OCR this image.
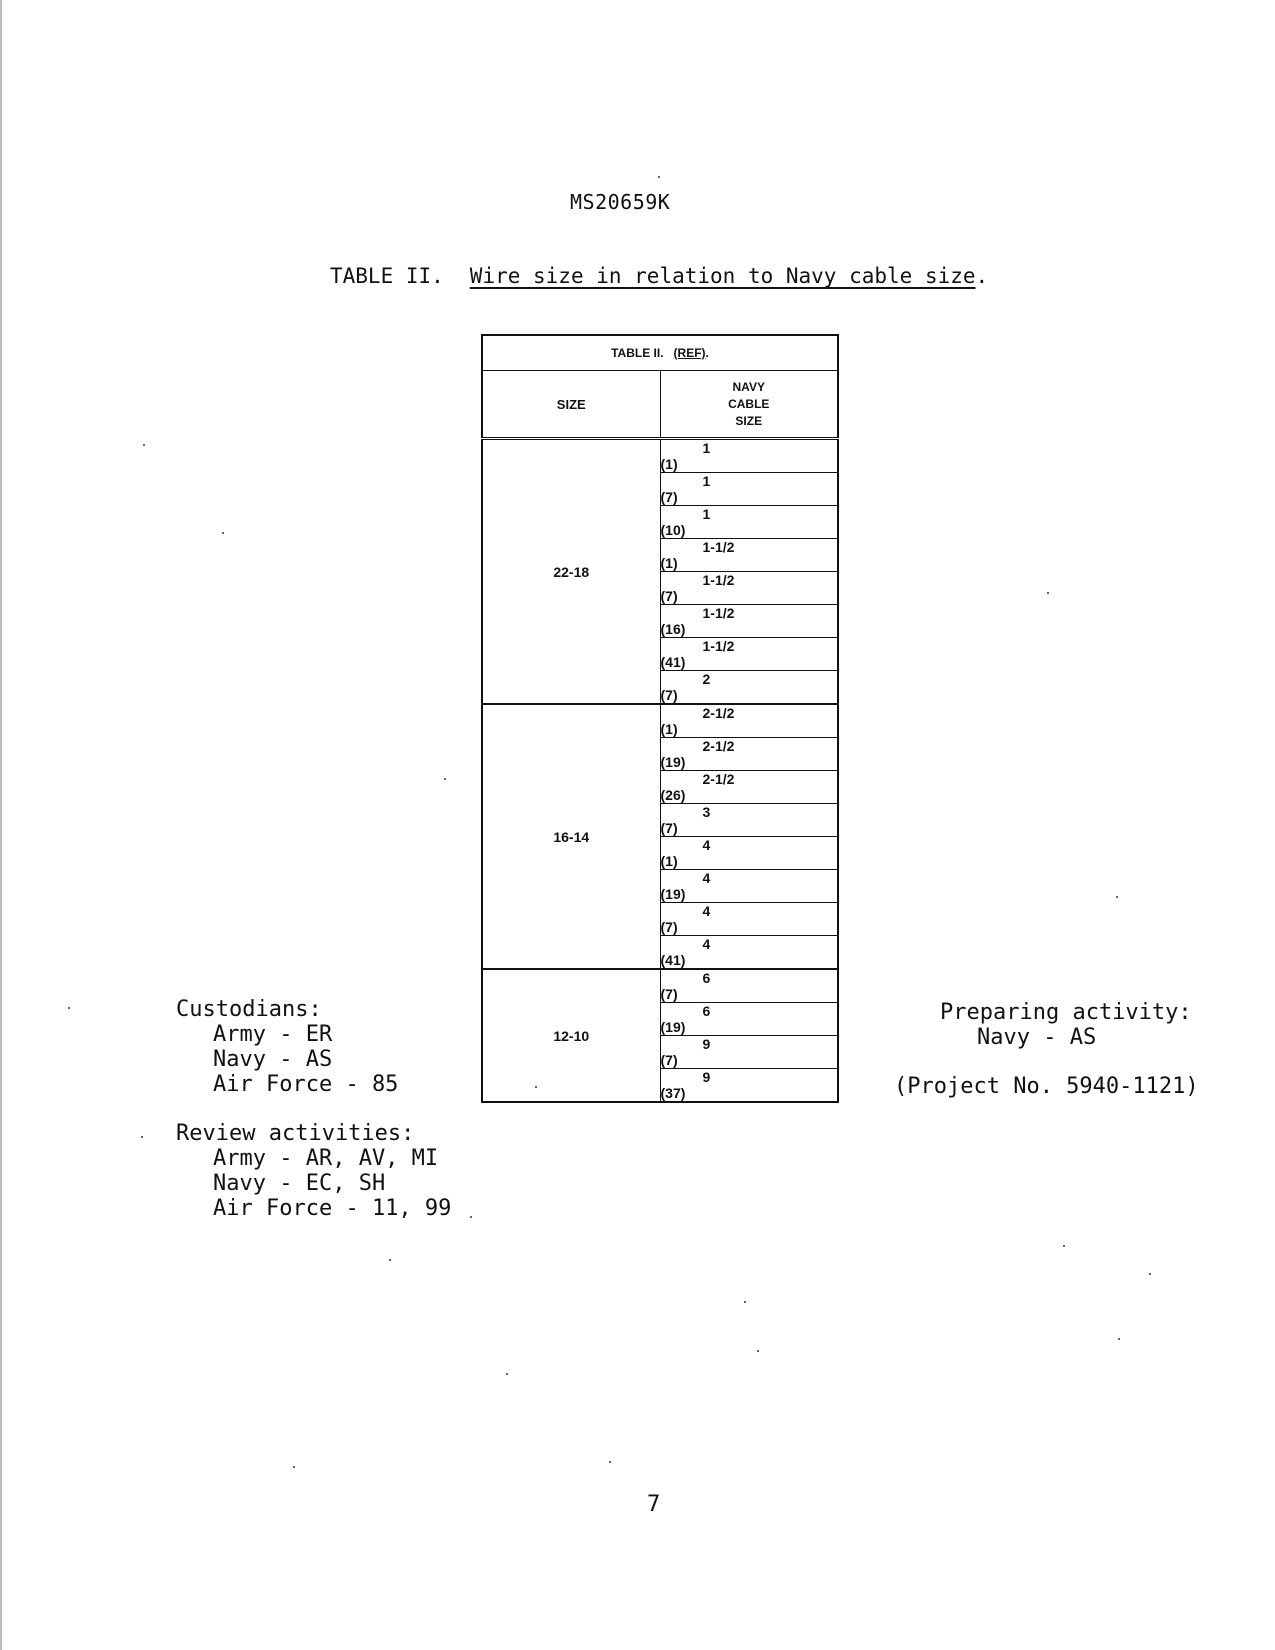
MS20659K
TABLE II. Wire size in relation to Navy cable size.
TABLE II. (REF).	
SIZE	NAVY
CABLE
SIZE

22-18	1(1)
	1(7)
	1(10)
	1-1/2(1)
	1-1/2(7)
	1-1/2(16)
	1-1/2(41)
	2(7)

16-14	2-1/2(1)
	2-1/2(19)
	2-1/2(26)
	3(7)
	4(1)
	4(19)
	4(7)
	4(41)

12-10	6(7)
	6(19)
	9(7)
	9(37)
Custodians:
Army - ER
Navy - AS
Air Force - 85
Review activities:
Army - AR, AV, MI
Navy - EC, SH
Air Force - 11, 99
Preparing activity:
Navy - AS
(Project No. 5940-1121)
7
